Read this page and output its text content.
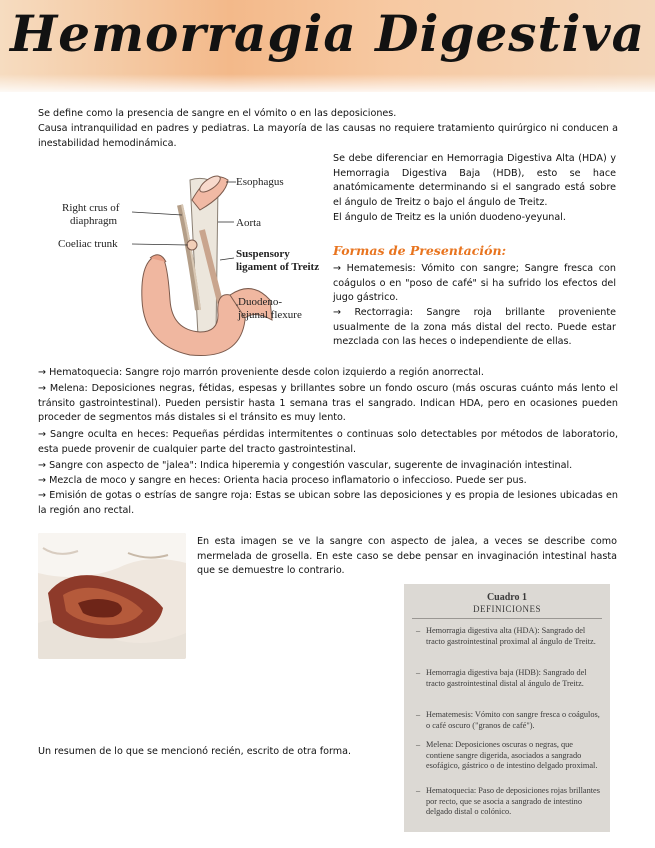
Hemorragia Digestiva

Se define como la presencia de sangre en el vómito o en las deposiciones.

Causa intranquilidad en padres y pediatras. La mayoría de las causas no requiere tratamiento quirúrgico ni conducen a inestabilidad hemodinámica.

Esophagus
Right crus of
diaphragm	Aorta
Coeliac trunk
Suspensory
ligament of Treitz
Duodeno-
jejunal flexure

Se debe diferenciar en Hemorragia Digestiva Alta (HDA) y Hemorragia Digestiva Baja (HDB), esto se hace anatómicamente determinando si el sangrado está sobre el ángulo de Treitz o bajo el ángulo de Treitz.

El ángulo de Treitz es la unión duodeno-yeyunal.

Formas de Presentación:

→ Hematemesis: Vómito con sangre; Sangre fresca con coágulos o en "poso de café" si ha sufrido los efectos del jugo gástrico.

→ Rectorragia: Sangre roja brillante proveniente usualmente de la zona más distal del recto. Puede estar mezclada con las heces o independiente de ellas.

→ Hematoquecia: Sangre rojo marrón proveniente desde colon izquierdo a región anorrectal.

→ Melena: Deposiciones negras, fétidas, espesas y brillantes sobre un fondo oscuro (más oscuras cuánto más lento el tránsito gastrointestinal). Pueden persistir hasta 1 semana tras el sangrado. Indican HDA, pero en ocasiones pueden proceder de segmentos más distales si el tránsito es muy lento.

→ Sangre oculta en heces: Pequeñas pérdidas intermitentes o continuas solo detectables por métodos de laboratorio, esta puede provenir de cualquier parte del tracto gastrointestinal.

→ Sangre con aspecto de "jalea": Indica hiperemia y congestión vascular, sugerente de invaginación intestinal.

→ Mezcla de moco y sangre en heces: Orienta hacia proceso inflamatorio o infeccioso. Puede ser pus.

→ Emisión de gotas o estrías de sangre roja: Estas se ubican sobre las deposiciones y es propia de lesiones ubicadas en la región ano rectal.

En esta imagen se ve la sangre con aspecto de jalea, a veces se describe como mermelada de grosella. En este caso se debe pensar en invaginación intestinal hasta que se demuestre lo contrario.

Un resumen de lo que se mencionó recién, escrito de otra forma.

Cuadro 1
DEFINICIONES
– Hemorragia digestiva alta (HDA): Sangrado del tracto gastrointestinal proximal al ángulo de Treitz.
– Hemorragia digestiva baja (HDB): Sangrado del tracto gastrointestinal distal al ángulo de Treitz.
– Hematemesis: Vómito con sangre fresca o coágulos, o café oscuro ("granos de café").
– Melena: Deposiciones oscuras o negras, que contiene sangre digerida, asociados a sangrado esofágico, gástrico o de intestino delgado proximal.
– Hematoquecia: Paso de deposiciones rojas brillantes por recto, que se asocia a sangrado de intestino delgado distal o colónico.
